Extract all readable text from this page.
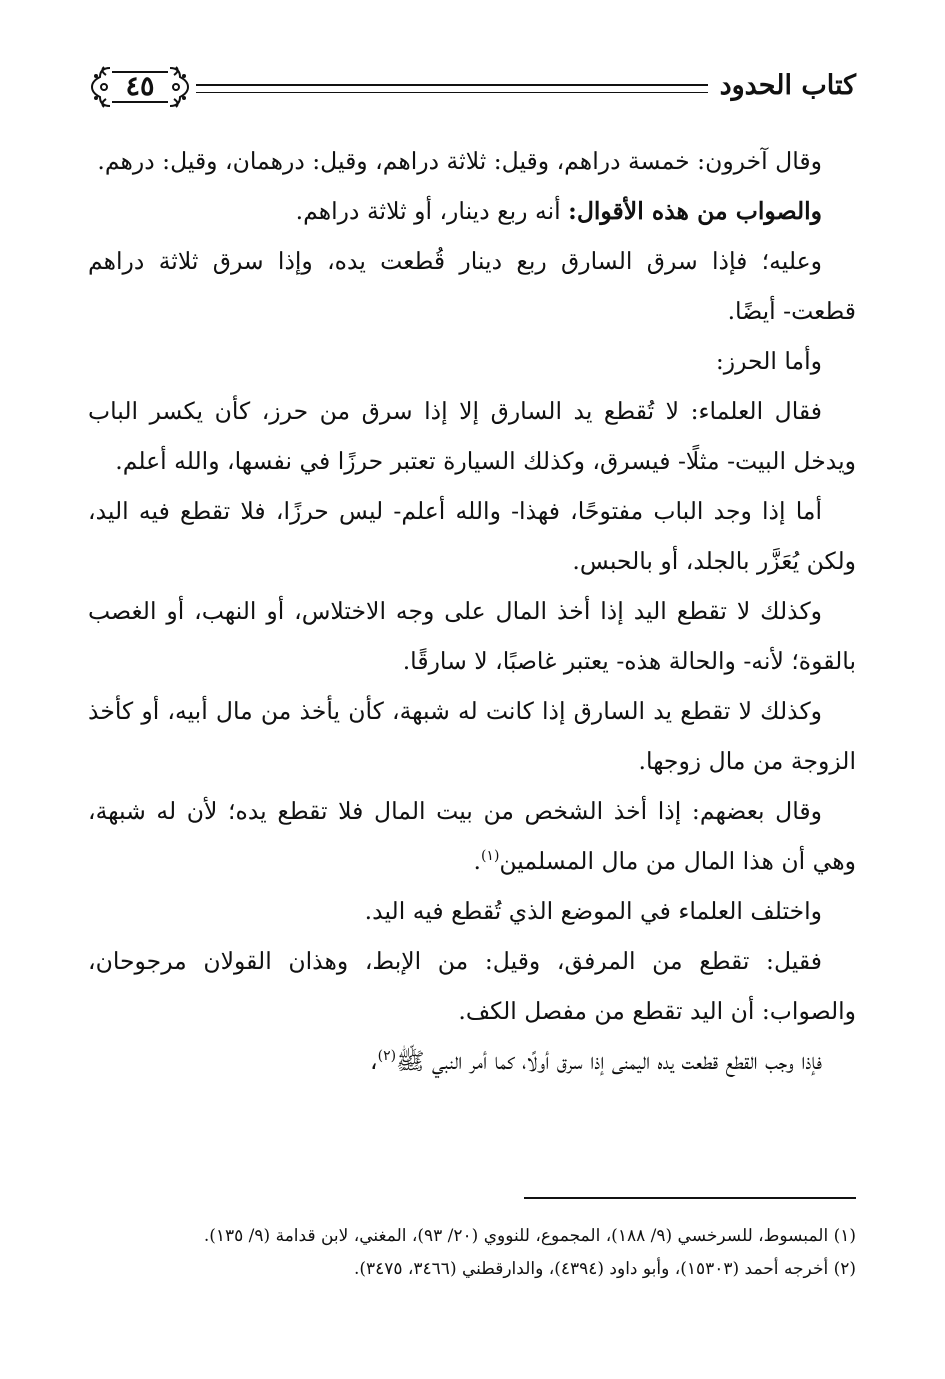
كتاب الحدود
٤٥

وقال آخرون: خمسة دراهم، وقيل: ثلاثة دراهم، وقيل: درهمان، وقيل: درهم.

والصواب من هذه الأقوال: أنه ربع دينار، أو ثلاثة دراهم.

وعليه؛ فإذا سرق السارق ربع دينار قُطعت يده، وإذا سرق ثلاثة دراهم قطعت- أيضًا.

وأما الحرز:

فقال العلماء: لا تُقطع يد السارق إلا إذا سرق من حرز، كأن يكسر الباب ويدخل البيت- مثلًا- فيسرق، وكذلك السيارة تعتبر حرزًا في نفسها، والله أعلم.

أما إذا وجد الباب مفتوحًا، فهذا- والله أعلم- ليس حرزًا، فلا تقطع فيه اليد، ولكن يُعَزَّر بالجلد، أو بالحبس.

وكذلك لا تقطع اليد إذا أخذ المال على وجه الاختلاس، أو النهب، أو الغصب بالقوة؛ لأنه- والحالة هذه- يعتبر غاصبًا، لا سارقًا.

وكذلك لا تقطع يد السارق إذا كانت له شبهة، كأن يأخذ من مال أبيه، أو كأخذ الزوجة من مال زوجها.

وقال بعضهم: إذا أخذ الشخص من بيت المال فلا تقطع يده؛ لأن له شبهة، وهي أن هذا المال من مال المسلمين$^{(١)}$.

واختلف العلماء في الموضع الذي تُقطع فيه اليد.

فقيل: تقطع من المرفق، وقيل: من الإبط، وهذان القولان مرجوحان، والصواب: أن اليد تقطع من مفصل الكف.

فإذا وجب القطع قطعت يده اليمنى إذا سرق أولًا، كما أمر النبي ﷺ$^{(٢)}$،

(١) المبسوط، للسرخسي (٩/ ١٨٨)، المجموع، للنووي (٢٠/ ٩٣)، المغني، لابن قدامة (٩/ ١٣٥).

(٢) أخرجه أحمد (١٥٣٠٣)، وأبو داود (٤٣٩٤)، والدارقطني (٣٤٦٦، ٣٤٧٥).
